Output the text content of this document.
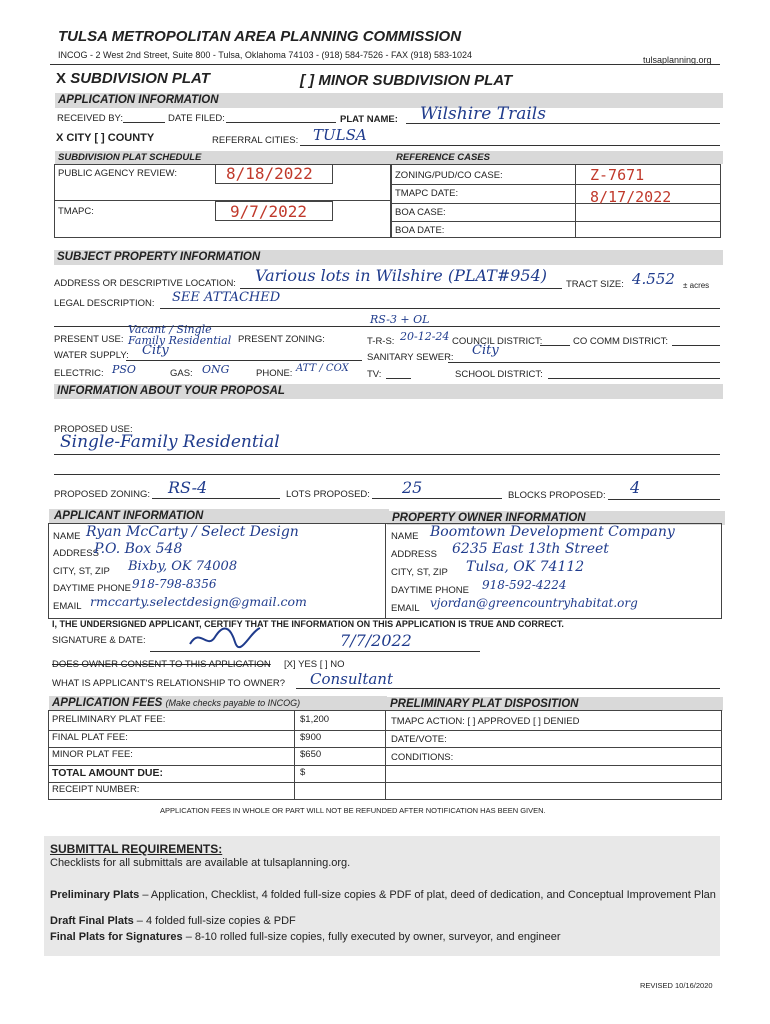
TULSA METROPOLITAN AREA PLANNING COMMISSION
INCOG - 2 West 2nd Street, Suite 800 - Tulsa, Oklahoma 74103 - (918) 584-7526 - FAX (918) 583-1024	tulsaplanning.org
X SUBDIVISION PLAT	[ ] MINOR SUBDIVISION PLAT
APPLICATION INFORMATION
RECEIVED BY:	DATE FILED:	PLAT NAME: Wilshire Trails
X CITY [ ] COUNTY	REFERRAL CITIES: TULSA
SUBDIVISION PLAT SCHEDULE	REFERENCE CASES
PUBLIC AGENCY REVIEW:	8/18/2022
TMAPC:	9/7/2022
ZONING/PUD/CO CASE:	Z-7671
TMAPC DATE:	8/17/2022
BOA CASE:
BOA DATE:
SUBJECT PROPERTY INFORMATION
ADDRESS OR DESCRIPTIVE LOCATION: Various lots in Wilshire (PLAT#954) TRACT SIZE: 4.552 ± acres
LEGAL DESCRIPTION: SEE ATTACHED
PRESENT USE:
Vacant / Single Family Residential PRESENT ZONING:
RS-3 + OL
T-R-S: 20-12-24 COUNCIL DISTRICT:	CO COMM DISTRICT:
WATER SUPPLY: City	SANITARY SEWER: City
ELECTRIC: PSO	GAS: ONG	PHONE: ATT / COX
TV:	SCHOOL DISTRICT:
INFORMATION ABOUT YOUR PROPOSAL
PROPOSED USE:
Single-Family Residential
PROPOSED ZONING: RS-4	LOTS PROPOSED: 25	BLOCKS PROPOSED: 4
APPLICANT INFORMATION	PROPERTY OWNER INFORMATION
NAME Ryan McCarty / Select Design
ADDRESS
P.O. Box 548
CITY, ST, ZIP Bixby, OK 74008
DAYTIME PHONE 918-798-8356
EMAIL rmccarty.selectdesign@gmail.com
NAME Boomtown Development Company
ADDRESS 6235 East 13th Street
CITY, ST, ZIP Tulsa, OK 74112
DAYTIME PHONE 918-592-4224
EMAIL vjordan@greencountryhabitat.org
I, THE UNDERSIGNED APPLICANT, CERTIFY THAT THE INFORMATION ON THIS APPLICATION IS TRUE AND CORRECT.
SIGNATURE & DATE:	7/7/2022
DOES OWNER CONSENT TO THIS APPLICATION [X] YES [ ] NO
WHAT IS APPLICANT'S RELATIONSHIP TO OWNER? Consultant
APPLICATION FEES (Make checks payable to INCOG)	PRELIMINARY PLAT DISPOSITION
PRELIMINARY PLAT FEE:	$1,200
FINAL PLAT FEE:	$900
MINOR PLAT FEE:	$650
TOTAL AMOUNT DUE:	$
RECEIPT NUMBER:
TMAPC ACTION: [ ] APPROVED [ ] DENIED
DATE/VOTE:
CONDITIONS:
APPLICATION FEES IN WHOLE OR PART WILL NOT BE REFUNDED AFTER NOTIFICATION HAS BEEN GIVEN.
SUBMITTAL REQUIREMENTS:
Checklists for all submittals are available at tulsaplanning.org.
Preliminary Plats – Application, Checklist, 4 folded full-size copies & PDF of plat, deed of dedication, and Conceptual Improvement Plan
Draft Final Plats – 4 folded full-size copies & PDF
Final Plats for Signatures – 8-10 rolled full-size copies, fully executed by owner, surveyor, and engineer
REVISED 10/16/2020
